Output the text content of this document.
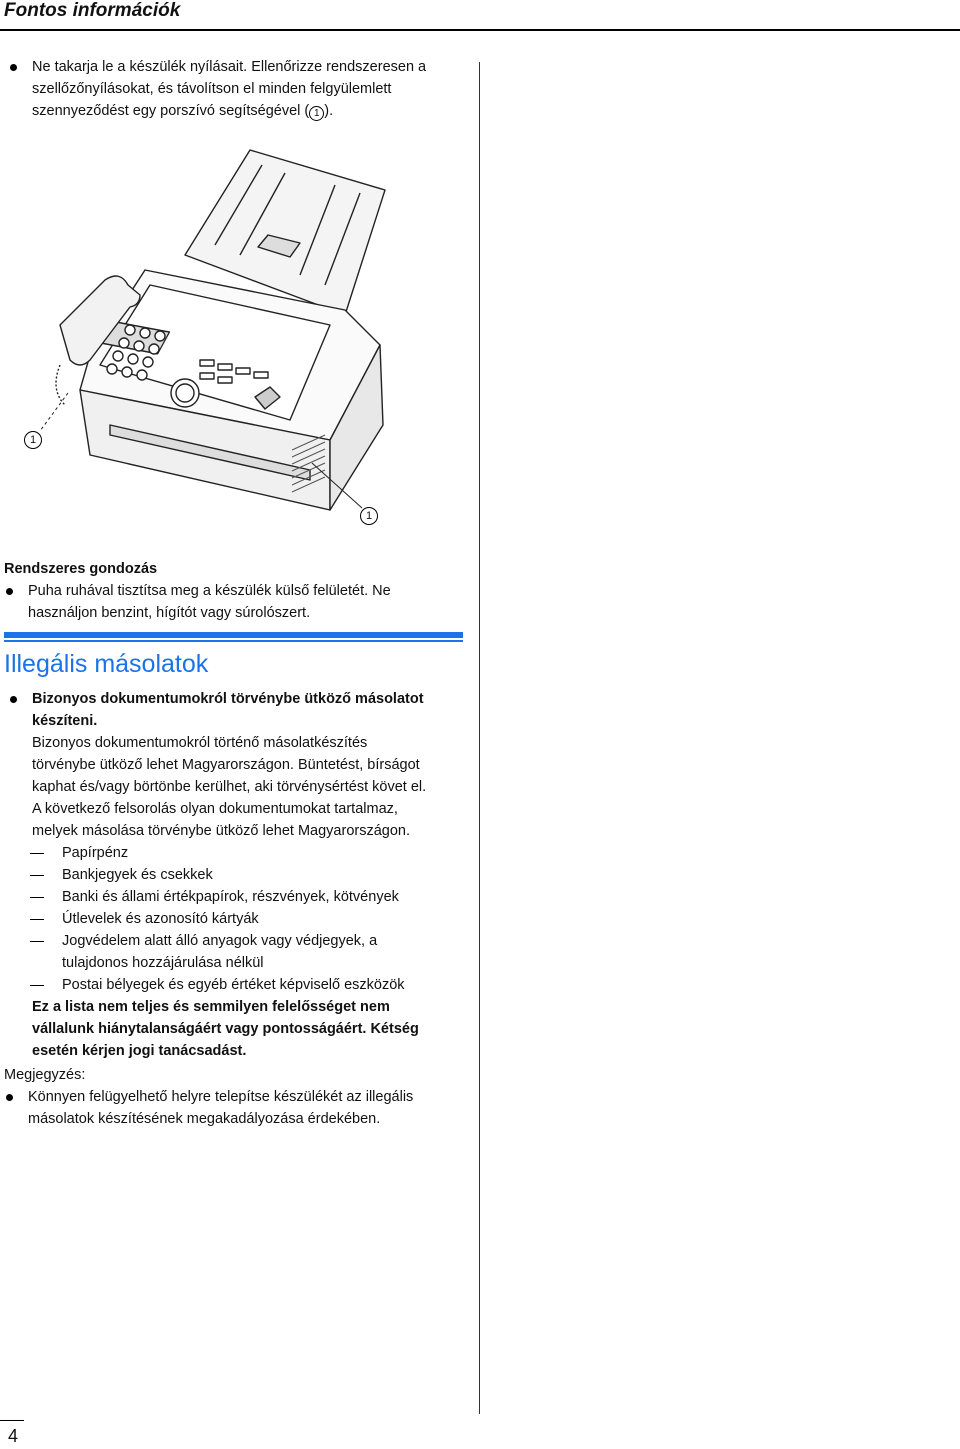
Fontos információk
Ne takarja le a készülék nyílásait. Ellenőrizze rendszeresen a
szellőzőnyílásokat, és távolítson el minden felgyülemlett
szennyeződést egy porszívó segítségével ( 1 ).
1
1
Rendszeres gondozás
Puha ruhával tisztítsa meg a készülék külső felületét. Ne
használjon benzint, hígítót vagy súrolószert.
Illegális másolatok
Bizonyos dokumentumokról törvénybe ütköző másolatot
készíteni.
Bizonyos dokumentumokról történő másolatkészítés
törvénybe ütköző lehet Magyarországon. Büntetést, bírságot
kaphat és/vagy börtönbe kerülhet, aki törvénysértést követ el.
A következő felsorolás olyan dokumentumokat tartalmaz,
melyek másolása törvénybe ütköző lehet Magyarországon.
Papírpénz
Bankjegyek és csekkek
Banki és állami értékpapírok, részvények, kötvények
Útlevelek és azonosító kártyák
Jogvédelem alatt álló anyagok vagy védjegyek, a
tulajdonos hozzájárulása nélkül
Postai bélyegek és egyéb értéket képviselő eszközök
Ez a lista nem teljes és semmilyen felelősséget nem
vállalunk hiánytalanságáért vagy pontosságáért. Kétség
esetén kérjen jogi tanácsadást.
Megjegyzés:
Könnyen felügyelhető helyre telepítse készülékét az illegális
másolatok készítésének megakadályozása érdekében.
4
